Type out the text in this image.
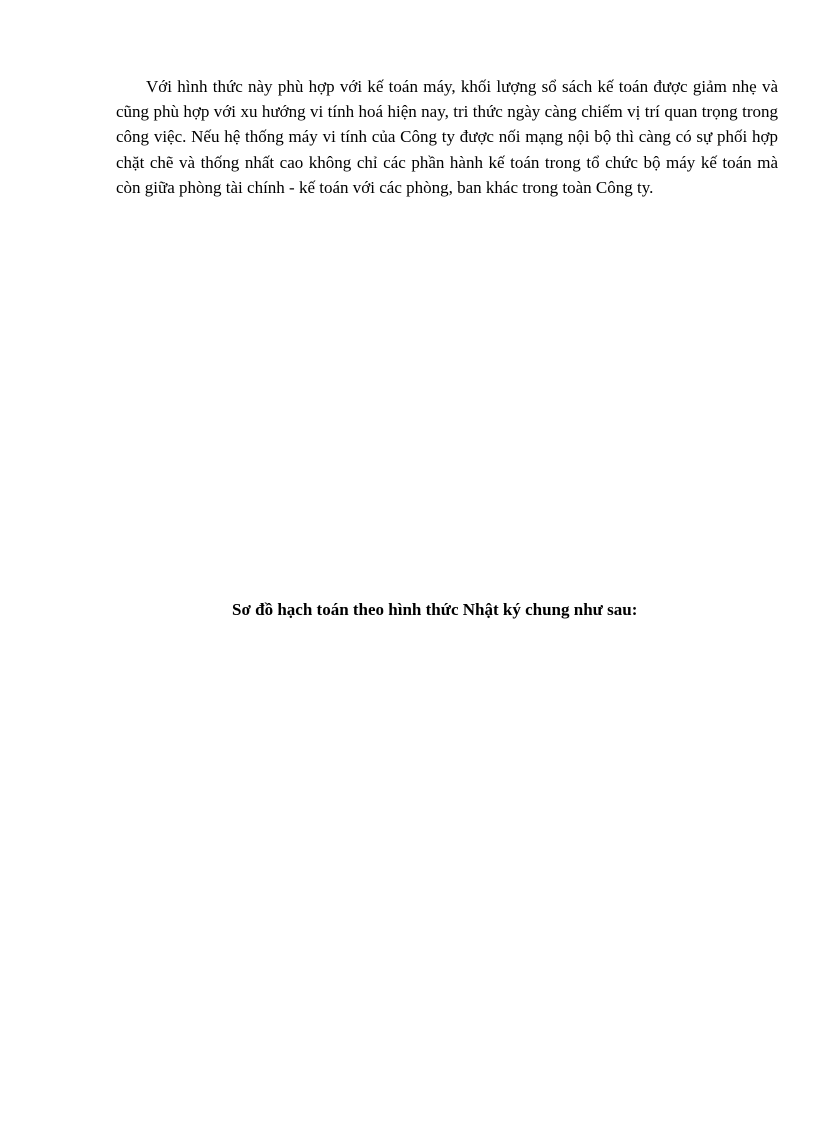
Với hình thức này phù hợp với kế toán máy, khối lượng sổ sách kế toán được giảm nhẹ và cũng phù hợp với xu hướng vi tính hoá hiện nay, tri thức ngày càng chiếm vị trí quan trọng trong công việc. Nếu hệ thống máy vi tính của Công ty được nối mạng nội bộ thì càng có sự phối hợp chặt chẽ và thống nhất cao không chỉ các phần hành kế toán trong tổ chức bộ máy kế toán mà còn giữa phòng tài chính - kế toán với các phòng, ban khác trong toàn Công ty.

Sơ đồ hạch toán theo hình thức Nhật ký chung như sau:
